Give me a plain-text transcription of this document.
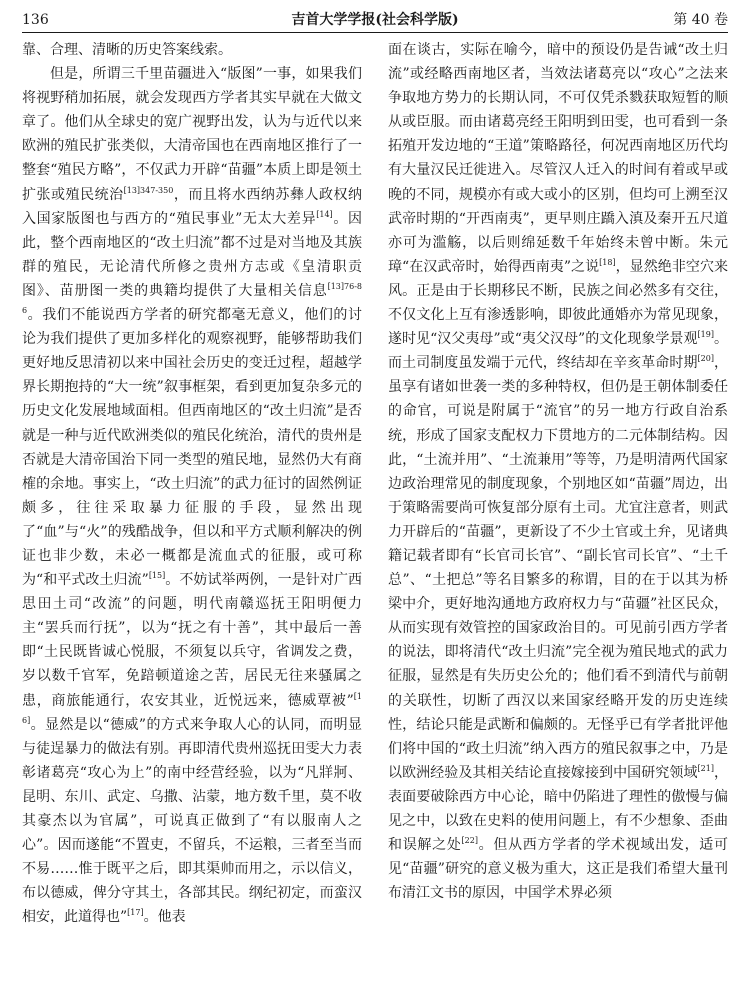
136	吉首大学学报(社会科学版)	第 40 卷

靠、合理、清晰的历史答案线索。

但是，所谓三千里苗疆进入“版图”一事，如果我们将视野稍加拓展，就会发现西方学者其实早就在大做文章了。他们从全球史的宽广视野出发，认为与近代以来欧洲的殖民扩张类似，大清帝国也在西南地区推行了一整套“殖民方略”，不仅武力开辟“苗疆”本质上即是领土扩张或殖民统治$^{[13]347-350}$，而且将水西纳苏彝人政权纳入国家版图也与西方的“殖民事业”无太大差异[14]。因此，整个西南地区的“改土归流”都不过是对当地及其族群的殖民，无论清代所修之贵州方志或《皇清职贡图》、苗册图一类的典籍均提供了大量相关信息$^{[13]76-86}$。我们不能说西方学者的研究都毫无意义，他们的讨论为我们提供了更加多样化的观察视野，能够帮助我们更好地反思清初以来中国社会历史的变迁过程，超越学界长期抱持的“大一统”叙事框架，看到更加复杂多元的历史文化发展地域面相。但西南地区的“改土归流”是否就是一种与近代欧洲类似的殖民化统治，清代的贵州是否就是大清帝国治下同一类型的殖民地，显然仍大有商榷的余地。事实上，“改土归流”的武力征讨的固然例证颇多，往往采取暴力征服的手段，显然出现了“血”与“火”的残酷战争，但以和平方式顺利解决的例证也非少数，未必一概都是流血式的征服，或可称为“和平式改土归流”[15]。不妨试举两例，一是针对广西思田土司“改流”的问题，明代南赣巡抚王阳明便力主“罢兵而行抚”，以为“抚之有十善”，其中最后一善即“土民既皆诚心悦服，不须复以兵守，省调发之费，岁以数千官军，免踣顿道途之苦，居民无往来骚属之患，商旅能通行，农安其业，近悦远来，德威覃被”[16]。显然是以“德威”的方式来争取人心的认同，而明显与徒逞暴力的做法有别。再即清代贵州巡抚田雯大力表彰诸葛亮“攻心为上”的南中经营经验，以为“凡牂牁、昆明、东川、武定、乌撒、沾蒙，地方数千里，莫不收其豪杰以为官属”，可说真正做到了“有以服南人之心”。因而遂能“不置吏，不留兵，不运粮，三者至当而不易……惟于既平之后，即其渠帅而用之，示以信义，布以德威，俾分守其土，各部其民。纲纪初定，而蛮汉相安，此道得也”[17]。他表

面在谈古，实际在喻今，暗中的预设仍是告诫“改土归流”或经略西南地区者，当效法诸葛亮以“攻心”之法来争取地方势力的长期认同，不可仅凭杀戮获取短暂的顺从或臣服。而由诸葛亮经王阳明到田雯，也可看到一条拓殖开发边地的“王道”策略路径，何况西南地区历代均有大量汉民迁徙进入。尽管汉人迁入的时间有着或早或晚的不同，规模亦有或大或小的区别，但均可上溯至汉武帝时期的“开西南夷”，更早则庄蹻入滇及秦开五尺道亦可为滥觞，以后则绵延数千年始终未曾中断。朱元璋“在汉武帝时，始得西南夷”之说[18]，显然绝非空穴来风。正是由于长期移民不断，民族之间必然多有交往，不仅文化上互有渗透影响，即彼此通婚亦为常见现象，遂时见“汉父夷母”或“夷父汉母”的文化现象学景观[19]。而土司制度虽发端于元代，终结却在辛亥革命时期[20]，虽享有诸如世袭一类的多种特权，但仍是王朝体制委任的命官，可说是附属于“流官”的另一地方行政自治系统，形成了国家支配权力下贯地方的二元体制结构。因此，“土流并用”、“土流兼用”等等，乃是明清两代国家边政治理常见的制度现象，个别地区如“苗疆”周边，出于策略需要尚可恢复部分原有土司。尤宜注意者，则武力开辟后的“苗疆”，更新设了不少土官或土弁，见诸典籍记载者即有“长官司长官”、“副长官司长官”、“土千总”、“土把总”等名目繁多的称谓，目的在于以其为桥梁中介，更好地沟通地方政府权力与“苗疆”社区民众，从而实现有效管控的国家政治目的。可见前引西方学者的说法，即将清代“改土归流”完全视为殖民地式的武力征服，显然是有失历史公允的；他们看不到清代与前朝的关联性，切断了西汉以来国家经略开发的历史连续性，结论只能是武断和偏颇的。无怪乎已有学者批评他们将中国的“政土归流”纳入西方的殖民叙事之中，乃是以欧洲经验及其相关结论直接嫁接到中国研究领域[21]，表面要破除西方中心论，暗中仍陷进了理性的傲慢与偏见之中，以致在史料的使用问题上，有不少想象、歪曲和误解之处[22]。但从西方学者的学术视域出发，适可见“苗疆”研究的意义极为重大，这正是我们希望大量刊布清江文书的原因，中国学术界必须
